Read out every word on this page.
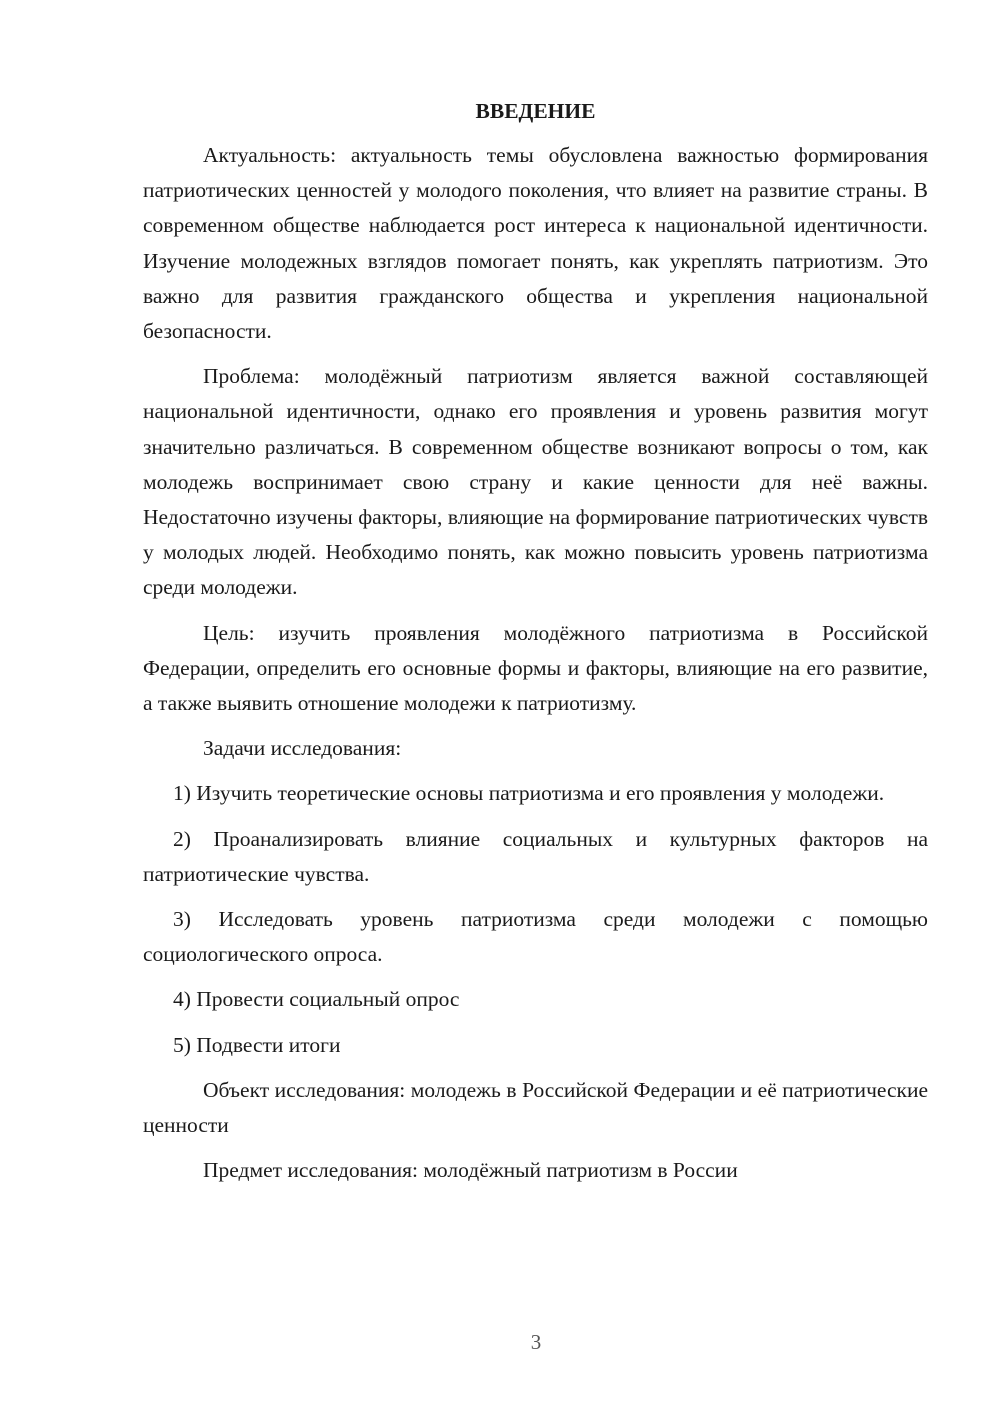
ВВЕДЕНИЕ

Актуальность: актуальность темы обусловлена важностью формирования патриотических ценностей у молодого поколения, что влияет на развитие страны. В современном обществе наблюдается рост интереса к национальной идентичности. Изучение молодежных взглядов помогает понять, как укреплять патриотизм. Это важно для развития гражданского общества и укрепления национальной безопасности.

Проблема: молодёжный патриотизм является важной составляющей национальной идентичности, однако его проявления и уровень развития могут значительно различаться. В современном обществе возникают вопросы о том, как молодежь воспринимает свою страну и какие ценности для неё важны. Недостаточно изучены факторы, влияющие на формирование патриотических чувств у молодых людей. Необходимо понять, как можно повысить уровень патриотизма среди молодежи.

Цель: изучить проявления молодёжного патриотизма в Российской Федерации, определить его основные формы и факторы, влияющие на его развитие, а также выявить отношение молодежи к патриотизму.

Задачи исследования:

1) Изучить теоретические основы патриотизма и его проявления у молодежи.

2) Проанализировать влияние социальных и культурных факторов на патриотические чувства.

3) Исследовать уровень патриотизма среди молодежи с помощью социологического опроса.

4) Провести социальный опрос

5) Подвести итоги

Объект исследования: молодежь в Российской Федерации и её патриотические ценности

Предмет исследования: молодёжный патриотизм в России

3
